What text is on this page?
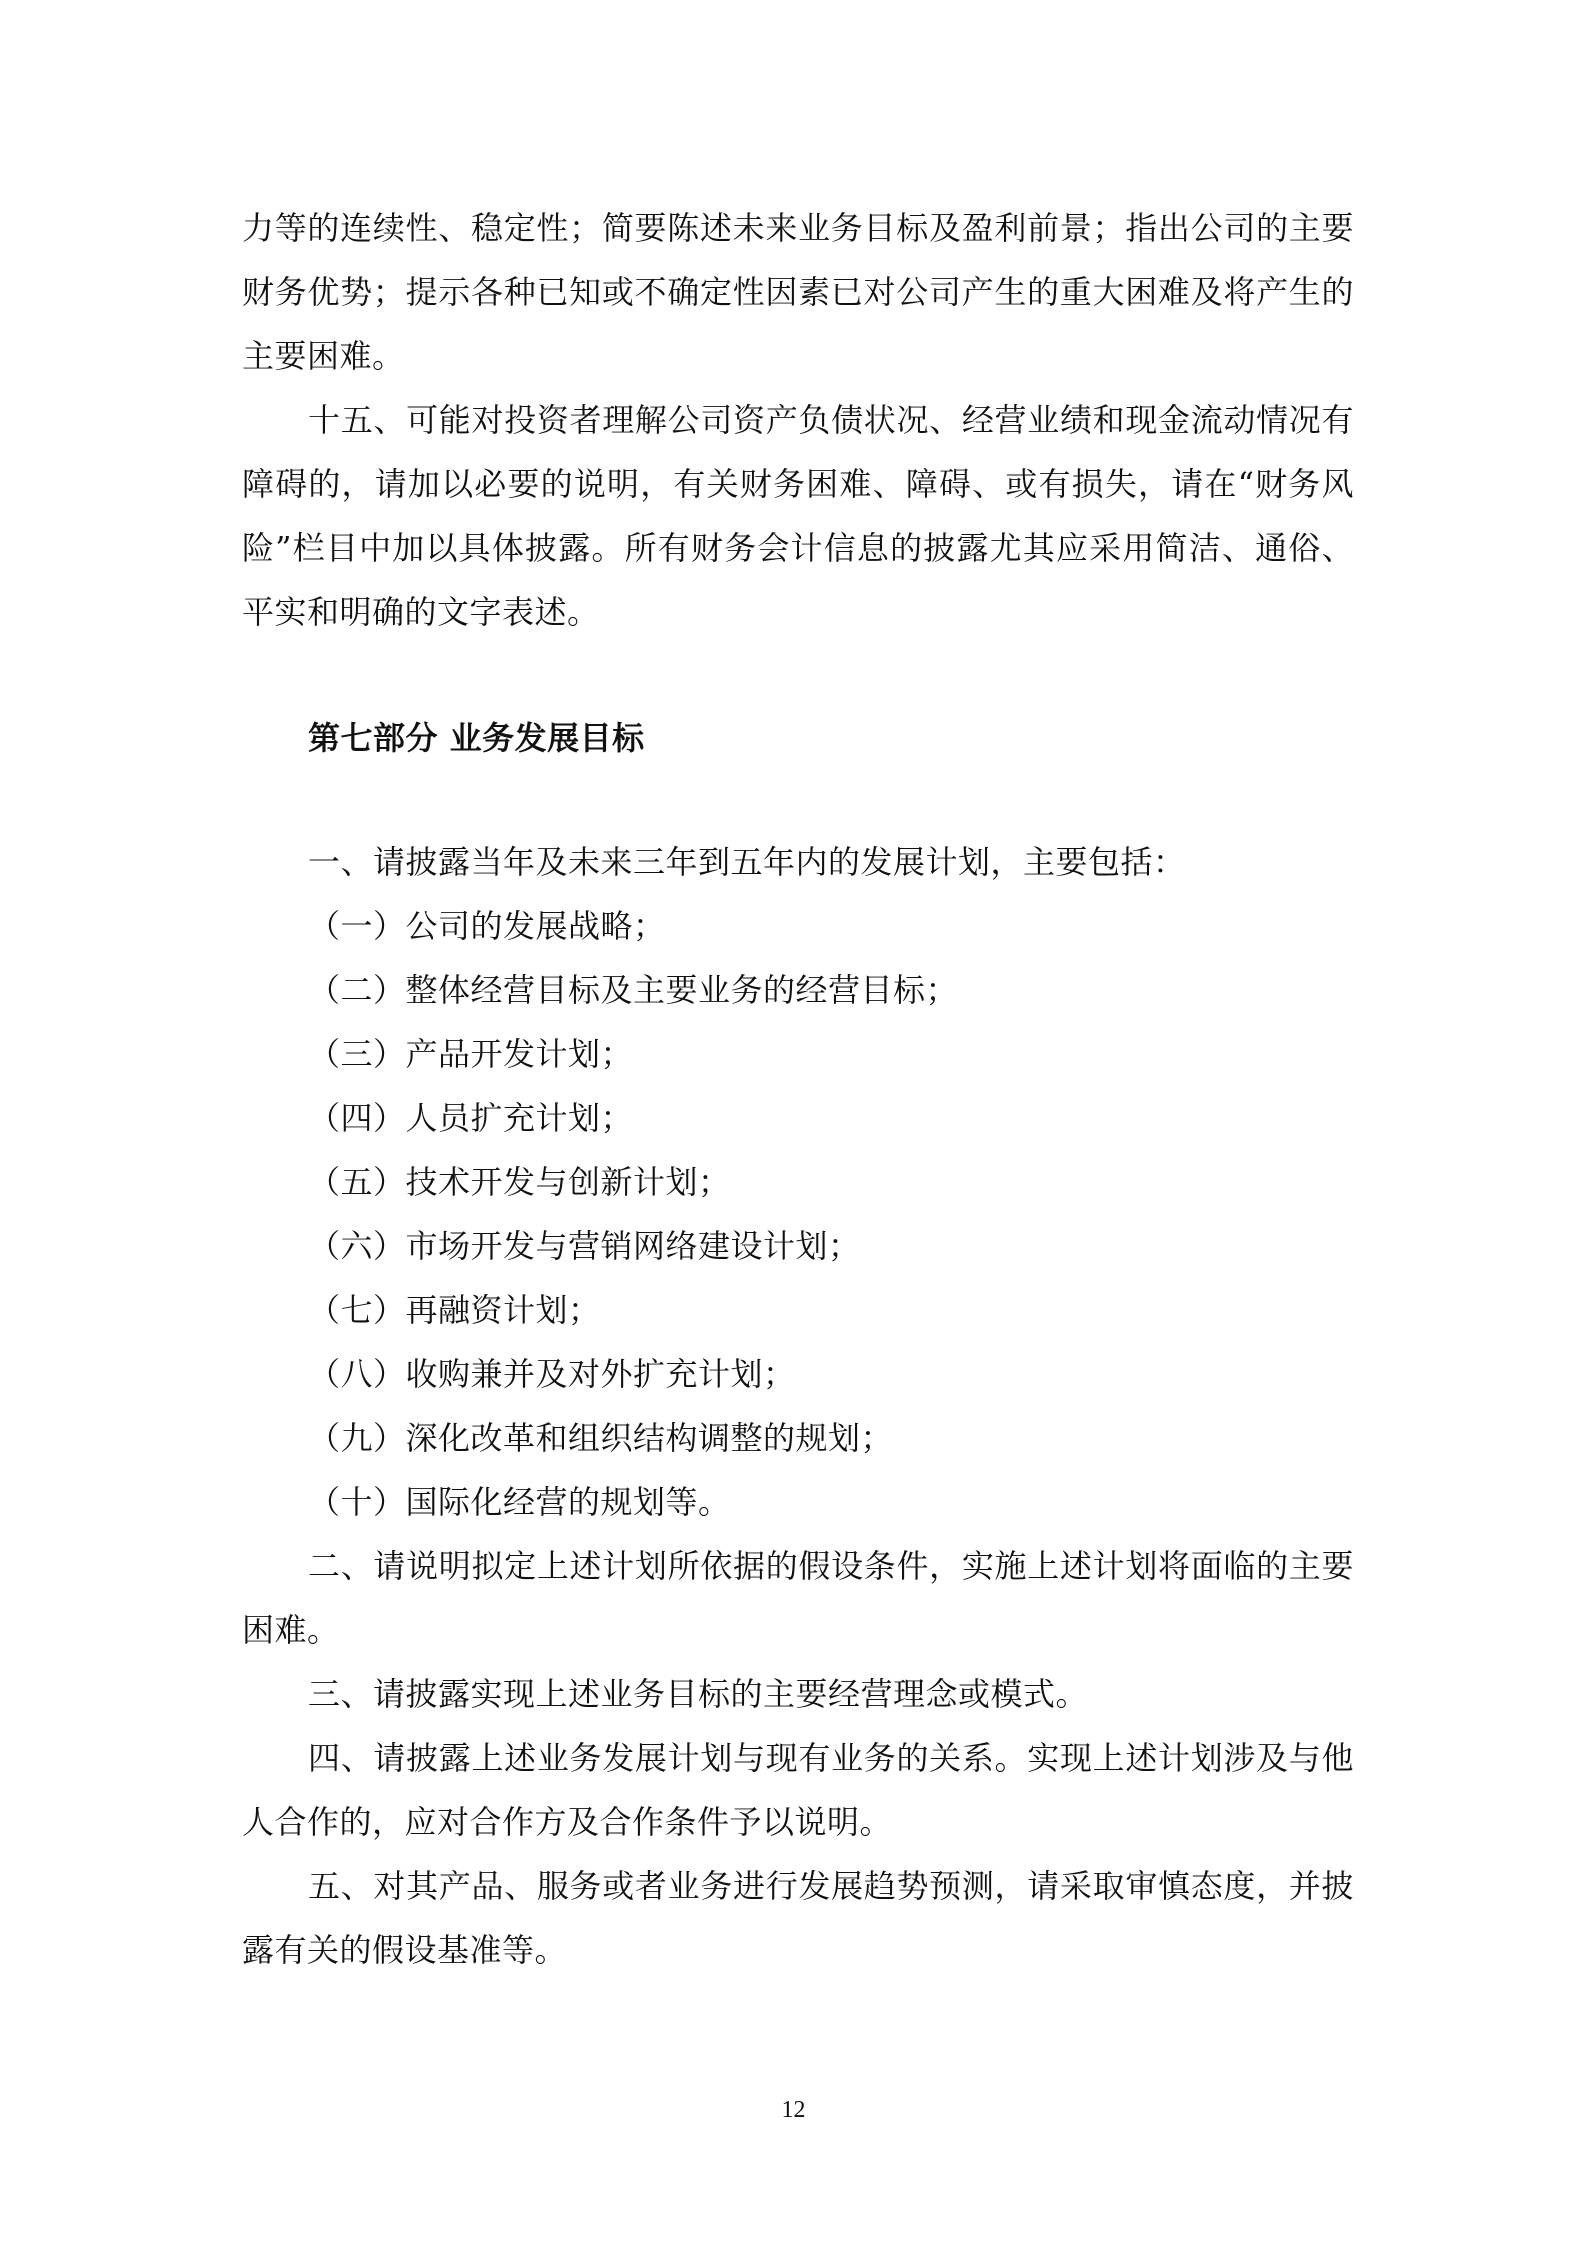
力等的连续性、稳定性；简要陈述未来业务目标及盈利前景；指出公司的主要财务优势；提示各种已知或不确定性因素已对公司产生的重大困难及将产生的主要困难。

十五、可能对投资者理解公司资产负债状况、经营业绩和现金流动情况有障碍的，请加以必要的说明，有关财务困难、障碍、或有损失，请在“财务风险”栏目中加以具体披露。所有财务会计信息的披露尤其应采用简洁、通俗、平实和明确的文字表述。

第七部分 业务发展目标

一、请披露当年及未来三年到五年内的发展计划，主要包括：

（一）公司的发展战略；

（二）整体经营目标及主要业务的经营目标；

（三）产品开发计划；

（四）人员扩充计划；

（五）技术开发与创新计划；

（六）市场开发与营销网络建设计划；

（七）再融资计划；

（八）收购兼并及对外扩充计划；

（九）深化改革和组织结构调整的规划；

（十）国际化经营的规划等。

二、请说明拟定上述计划所依据的假设条件，实施上述计划将面临的主要困难。

三、请披露实现上述业务目标的主要经营理念或模式。

四、请披露上述业务发展计划与现有业务的关系。实现上述计划涉及与他人合作的，应对合作方及合作条件予以说明。

五、对其产品、服务或者业务进行发展趋势预测，请采取审慎态度，并披露有关的假设基准等。

12
